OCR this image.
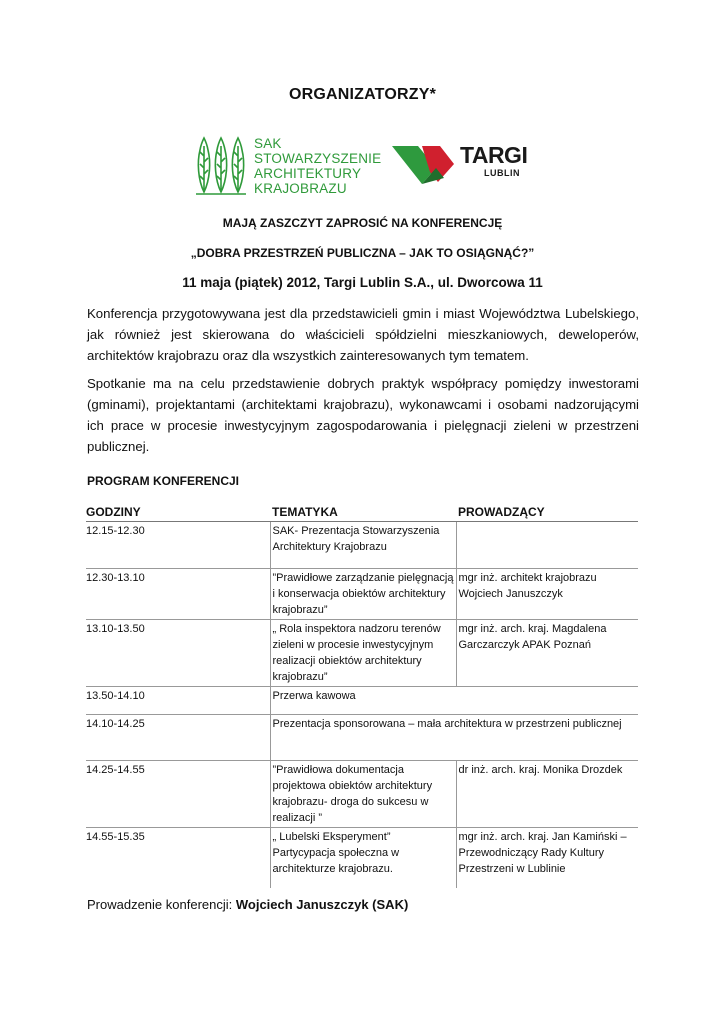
ORGANIZATORZY*
SAK
STOWARZYSZENIE
ARCHITEKTURY
KRAJOBRAZU
TARGI
LUBLIN
MAJĄ ZASZCZYT ZAPROSIĆ NA KONFERENCJĘ
„DOBRA PRZESTRZEŃ PUBLICZNA – JAK TO OSIĄGNĄĆ?”
11 maja (piątek) 2012, Targi Lublin S.A., ul. Dworcowa 11

Konferencja przygotowywana jest dla przedstawicieli gmin i miast Województwa Lubelskiego, jak również jest skierowana do właścicieli spółdzielni mieszkaniowych, deweloperów, architektów krajobrazu oraz dla wszystkich zainteresowanych tym tematem.

Spotkanie ma na celu przedstawienie dobrych praktyk współpracy pomiędzy inwestorami (gminami), projektantami (architektami krajobrazu), wykonawcami i osobami nadzorującymi ich prace w procesie inwestycyjnym zagospodarowania i pielęgnacji zieleni w przestrzeni publicznej.

PROGRAM KONFERENCJI
GODZINY	TEMATYKA	PROWADZĄCY
12.15-12.30	SAK- Prezentacja Stowarzyszenia Architektury Krajobrazu	
12.30-13.10	”Prawidłowe zarządzanie pielęgnacją i konserwacja obiektów architektury krajobrazu”	mgr inż. architekt krajobrazu Wojciech Januszczyk
13.10-13.50	„ Rola inspektora nadzoru terenów zieleni w procesie inwestycyjnym realizacji obiektów architektury krajobrazu”	mgr inż. arch. kraj. Magdalena Garczarczyk APAK Poznań
13.50-14.10	Przerwa kawowa	
14.10-14.25	Prezentacja sponsorowana – mała architektura w przestrzeni publicznej	
14.25-14.55	”Prawidłowa dokumentacja projektowa obiektów architektury krajobrazu- droga do sukcesu w realizacji ”	dr inż. arch. kraj. Monika Drozdek
14.55-15.35	„ Lubelski Eksperyment” Partycypacja społeczna w architekturze krajobrazu.	mgr inż. arch. kraj. Jan Kamiński – Przewodniczący Rady Kultury Przestrzeni w Lublinie
Prowadzenie konferencji: Wojciech Januszczyk (SAK)
